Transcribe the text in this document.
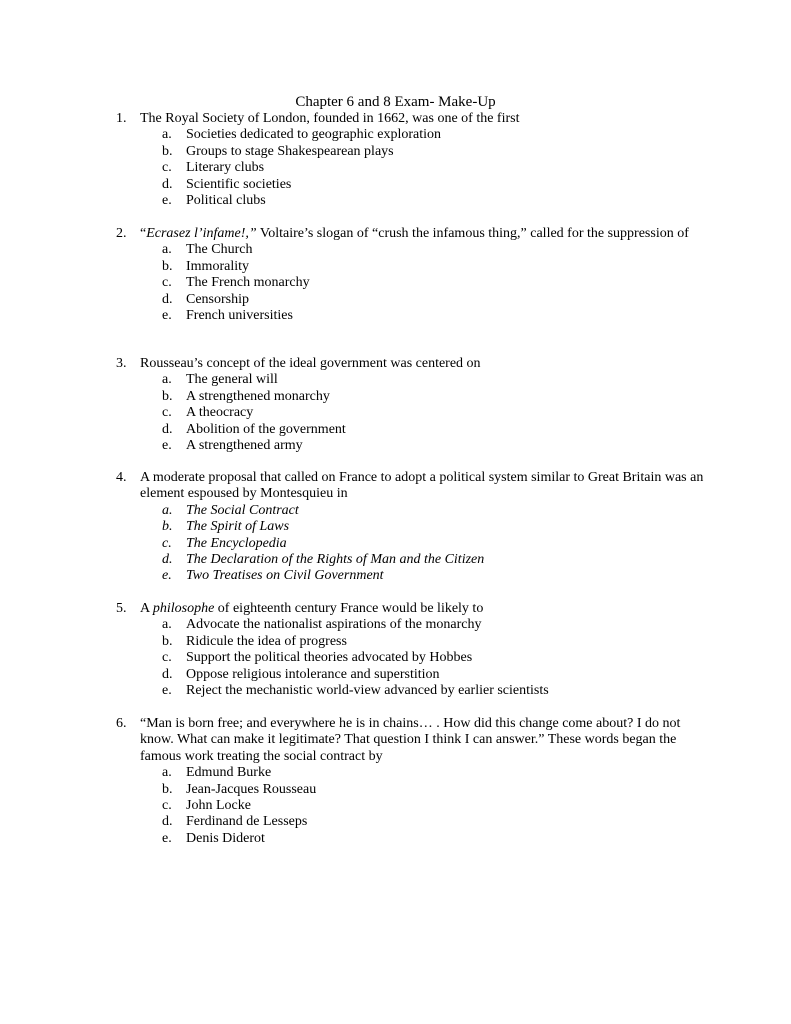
Chapter 6 and 8 Exam- Make-Up
1. The Royal Society of London, founded in 1662, was one of the first
a. Societies dedicated to geographic exploration
b. Groups to stage Shakespearean plays
c. Literary clubs
d. Scientific societies
e. Political clubs
2. “Ecrasez l’infame!,” Voltaire’s slogan of “crush the infamous thing,” called for the suppression of
a. The Church
b. Immorality
c. The French monarchy
d. Censorship
e. French universities
3. Rousseau’s concept of the ideal government was centered on
a. The general will
b. A strengthened monarchy
c. A theocracy
d. Abolition of the government
e. A strengthened army
4. A moderate proposal that called on France to adopt a political system similar to Great Britain was an element espoused by Montesquieu in
a. The Social Contract
b. The Spirit of Laws
c. The Encyclopedia
d. The Declaration of the Rights of Man and the Citizen
e. Two Treatises on Civil Government
5. A philosophe of eighteenth century France would be likely to
a. Advocate the nationalist aspirations of the monarchy
b. Ridicule the idea of progress
c. Support the political theories advocated by Hobbes
d. Oppose religious intolerance and superstition
e. Reject the mechanistic world-view advanced by earlier scientists
6. “Man is born free; and everywhere he is in chains… . How did this change come about? I do not know. What can make it legitimate? That question I think I can answer.” These words began the famous work treating the social contract by
a. Edmund Burke
b. Jean-Jacques Rousseau
c. John Locke
d. Ferdinand de Lesseps
e. Denis Diderot
